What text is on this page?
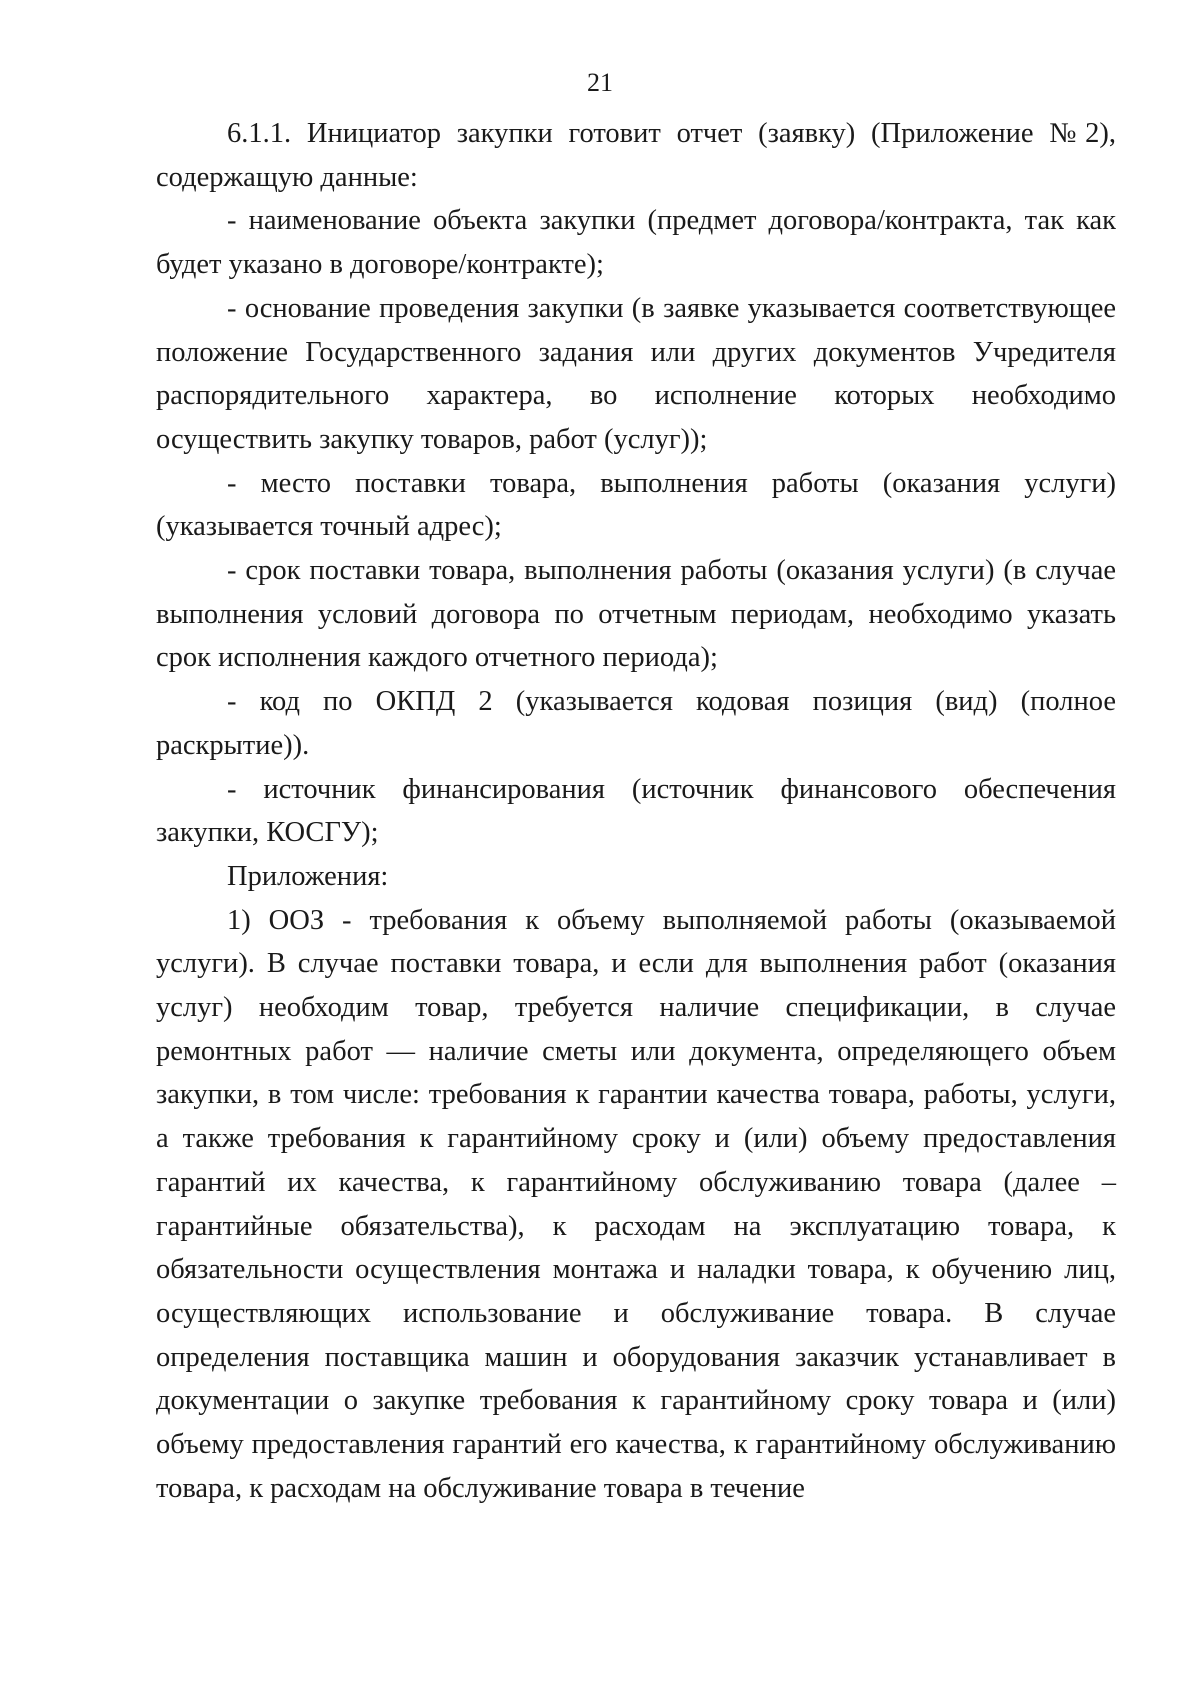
21

6.1.1. Инициатор закупки готовит отчет (заявку) (Приложение №2), содержащую данные:

- наименование объекта закупки (предмет договора/контракта, так как будет указано в договоре/контракте);

- основание проведения закупки (в заявке указывается соответствующее положение Государственного задания или других документов Учредителя распорядительного характера, во исполнение которых необходимо осуществить закупку товаров, работ (услуг));

- место поставки товара, выполнения работы (оказания услуги) (указывается точный адрес);

- срок поставки товара, выполнения работы (оказания услуги) (в случае выполнения условий договора по отчетным периодам, необходимо указать срок исполнения каждого отчетного периода);

- код по ОКПД 2 (указывается кодовая позиция (вид) (полное раскрытие)).

- источник финансирования (источник финансового обеспечения закупки, КОСГУ);

Приложения:

1) ООЗ - требования к объему выполняемой работы (оказываемой услуги). В случае поставки товара, и если для выполнения работ (оказания услуг) необходим товар, требуется наличие спецификации, в случае ремонтных работ — наличие сметы или документа, определяющего объем закупки, в том числе: требования к гарантии качества товара, работы, услуги, а также требования к гарантийному сроку и (или) объему предоставления гарантий их качества, к гарантийному обслуживанию товара (далее – гарантийные обязательства), к расходам на эксплуатацию товара, к обязательности осуществления монтажа и наладки товара, к обучению лиц, осуществляющих использование и обслуживание товара. В случае определения поставщика машин и оборудования заказчик устанавливает в документации о закупке требования к гарантийному сроку товара и (или) объему предоставления гарантий его качества, к гарантийному обслуживанию товара, к расходам на обслуживание товара в течение
